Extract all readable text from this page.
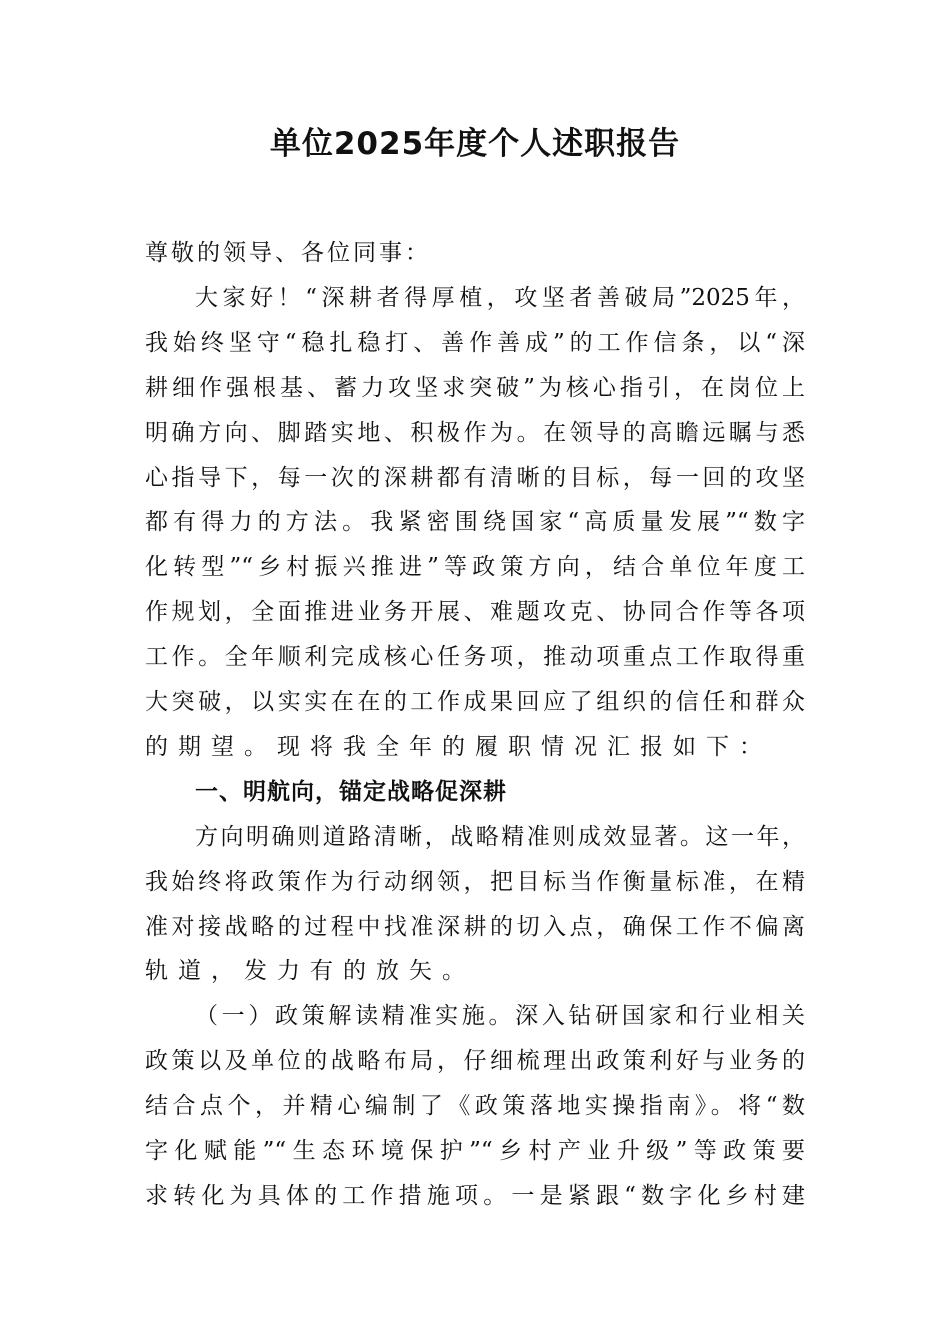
单位2025年度个人述职报告
尊敬的领导、各位同事：
大家好！“深耕者得厚植，攻坚者善破局”2025年，
我始终坚守“稳扎稳打、善作善成”的工作信条，以“深
耕细作强根基、蓄力攻坚求突破”为核心指引，在岗位上
明确方向、脚踏实地、积极作为。在领导的高瞻远瞩与悉
心指导下，每一次的深耕都有清晰的目标，每一回的攻坚
都有得力的方法。我紧密围绕国家“高质量发展”“数字
化转型”“乡村振兴推进”等政策方向，结合单位年度工
作规划，全面推进业务开展、难题攻克、协同合作等各项
工作。全年顺利完成核心任务项，推动项重点工作取得重
大突破，以实实在在的工作成果回应了组织的信任和群众
的期望。现将我全年的履职情况汇报如下：
一、明航向，锚定战略促深耕
方向明确则道路清晰，战略精准则成效显著。这一年，
我始终将政策作为行动纲领，把目标当作衡量标准，在精
准对接战略的过程中找准深耕的切入点，确保工作不偏离
轨道，发力有的放矢。
（一）政策解读精准实施。深入钻研国家和行业相关
政策以及单位的战略布局，仔细梳理出政策利好与业务的
结合点个，并精心编制了《政策落地实操指南》。将“数
字化赋能”“生态环境保护”“乡村产业升级”等政策要
求转化为具体的工作措施项。一是紧跟“数字化乡村建
